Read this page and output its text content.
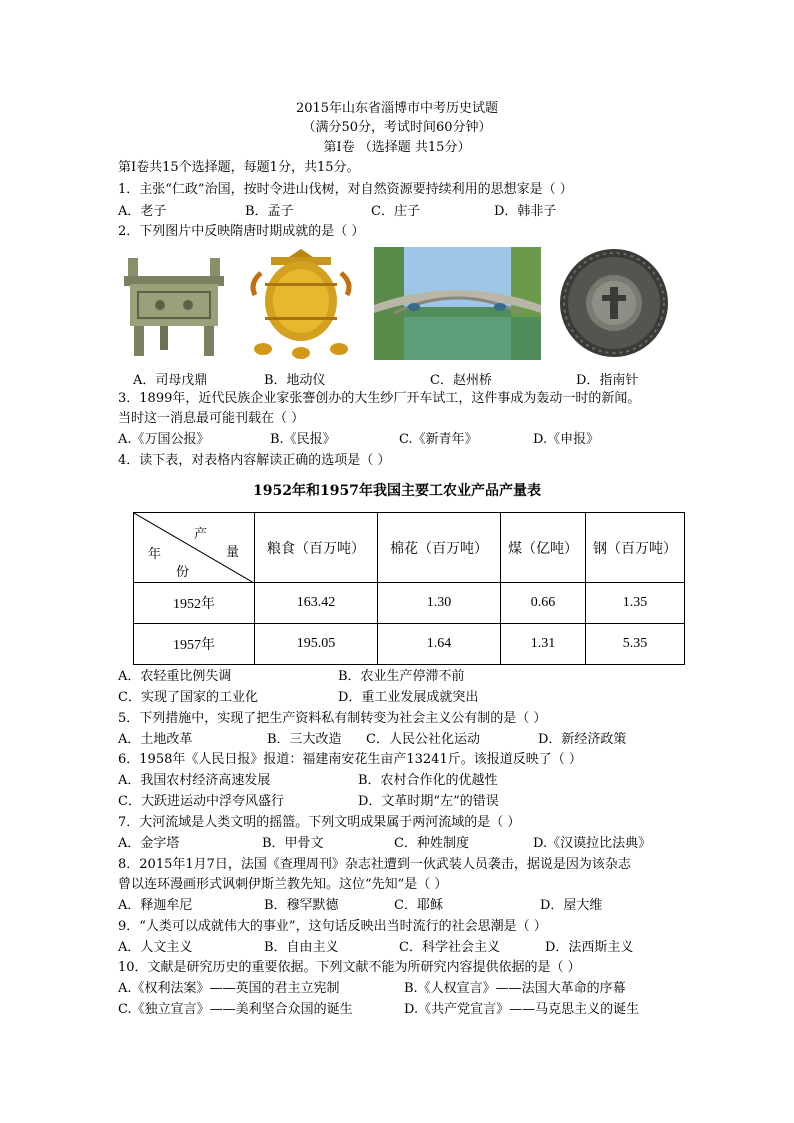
2015年山东省淄博市中考历史试题
（满分50分，考试时间60分钟）
第Ⅰ卷 （选择题 共15分）
第Ⅰ卷共15个选择题，每题1分，共15分。
1．主张“仁政”治国，按时令进山伐树，对自然资源要持续利用的思想家是（ ）
A．老子	B．孟子	C．庄子	D．韩非子
2．下列图片中反映隋唐时期成就的是（ ）
A．司母戊鼎	B．地动仪	C．赵州桥	D．指南针
3．1899年，近代民族企业家张謇创办的大生纱厂开车试工，这件事成为轰动一时的新闻。
当时这一消息最可能刊载在（ ）
A.《万国公报》	B.《民报》	C.《新青年》	D.《申报》
4．读下表，对表格内容解读正确的选项是（ ）
1952年和1957年我国主要工农业产品产量表
产
量
年
份	粮食（百万吨）	棉花（百万吨）	煤（亿吨）	钢（百万吨）
1952年	163.42	1.30	0.66	1.35
1957年	195.05	1.64	1.31	5.35
A．农轻重比例失调	B．农业生产停滞不前
C．实现了国家的工业化	D．重工业发展成就突出
5．下列措施中，实现了把生产资料私有制转变为社会主义公有制的是（ ）
A．土地改革	B．三大改造 C．人民公社化运动	D．新经济政策
6．1958年《人民日报》报道：福建南安花生亩产13241斤。该报道反映了（ ）
A．我国农村经济高速发展	B．农村合作化的优越性
C．大跃进运动中浮夸风盛行	D．文革时期“左”的错误
7．大河流域是人类文明的摇篮。下列文明成果属于两河流域的是（ ）
A．金字塔	B．甲骨文	C．种姓制度	D.《汉谟拉比法典》
8．2015年1月7日，法国《查理周刊》杂志社遭到一伙武装人员袭击，据说是因为该杂志
曾以连环漫画形式讽刺伊斯兰教先知。这位“先知”是（ ）
A．释迦牟尼	B．穆罕默德	C．耶稣	D．屋大维
9．“人类可以成就伟大的事业”，这句话反映出当时流行的社会思潮是（ ）
A．人文主义	B．自由主义	C．科学社会主义	D．法西斯主义
10．文献是研究历史的重要依据。下列文献不能为所研究内容提供依据的是（ ）
A.《权利法案》——英国的君主立宪制	B.《人权宣言》——法国大革命的序幕
C.《独立宣言》——美利坚合众国的诞生	D.《共产党宣言》——马克思主义的诞生
